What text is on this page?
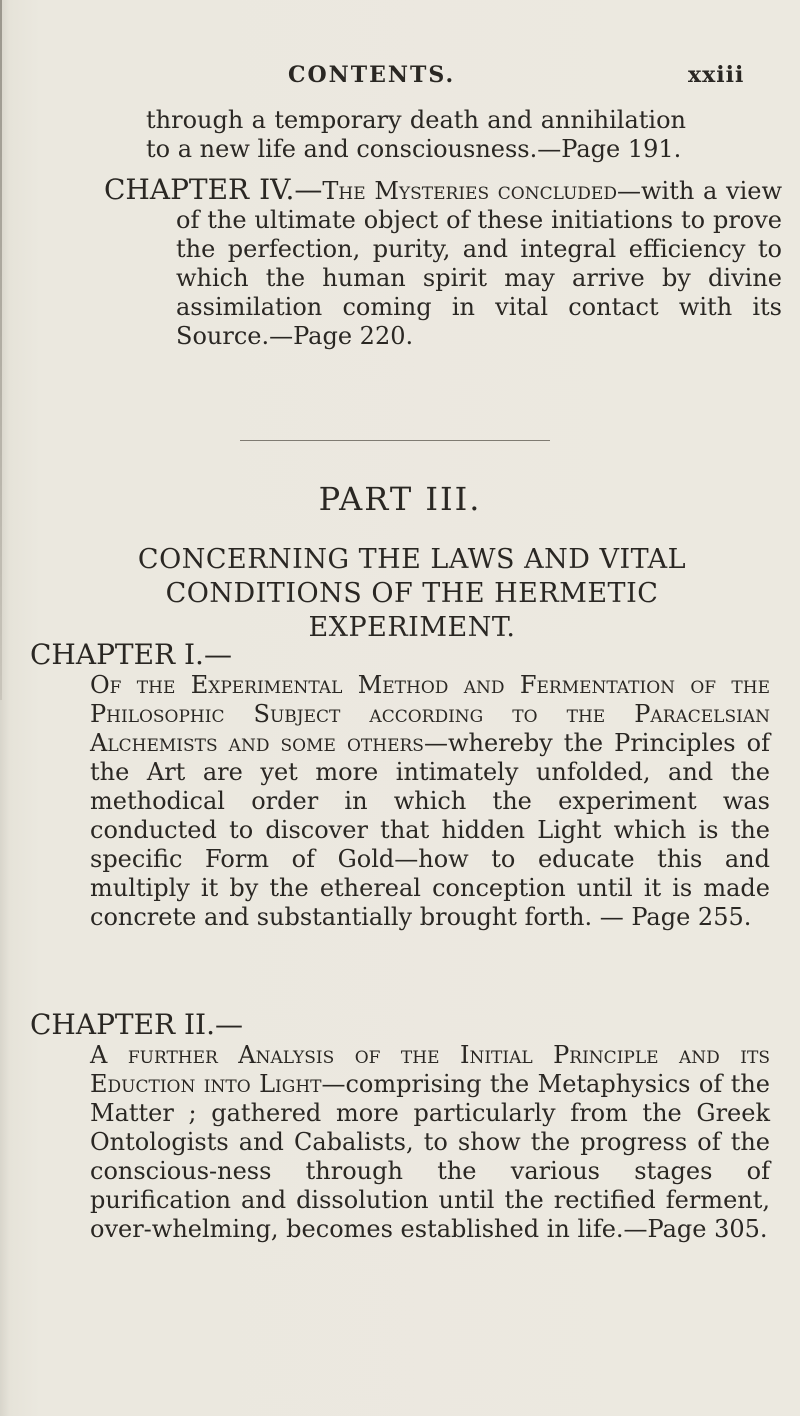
CONTENTS.	xxiii
through a temporary death and annihilation to a new life and consciousness.—Page 191.
CHAPTER IV.—The Mysteries concluded—with a view of the ultimate object of these initiations to prove the perfection, purity, and integral efficiency to which the human spirit may arrive by divine assimilation coming in vital contact with its Source.—Page 220.
PART III.
CONCERNING THE LAWS AND VITAL CONDITIONS OF THE HERMETIC EXPERIMENT.
CHAPTER I.—
Of the Experimental Method and Fermentation of the Philosophic Subject according to the Paracelsian Alchemists and some others—whereby the Principles of the Art are yet more intimately unfolded, and the methodical order in which the experiment was conducted to discover that hidden Light which is the specific Form of Gold—how to educate this and multiply it by the ethereal conception until it is made concrete and substantially brought forth. — Page 255.
CHAPTER II.—
A further Analysis of the Initial Principle and its Eduction into Light—comprising the Metaphysics of the Matter ; gathered more particularly from the Greek Ontologists and Cabalists, to show the progress of the conscious-ness through the various stages of purification and dissolution until the rectified ferment, over-whelming, becomes established in life.—Page 305.
